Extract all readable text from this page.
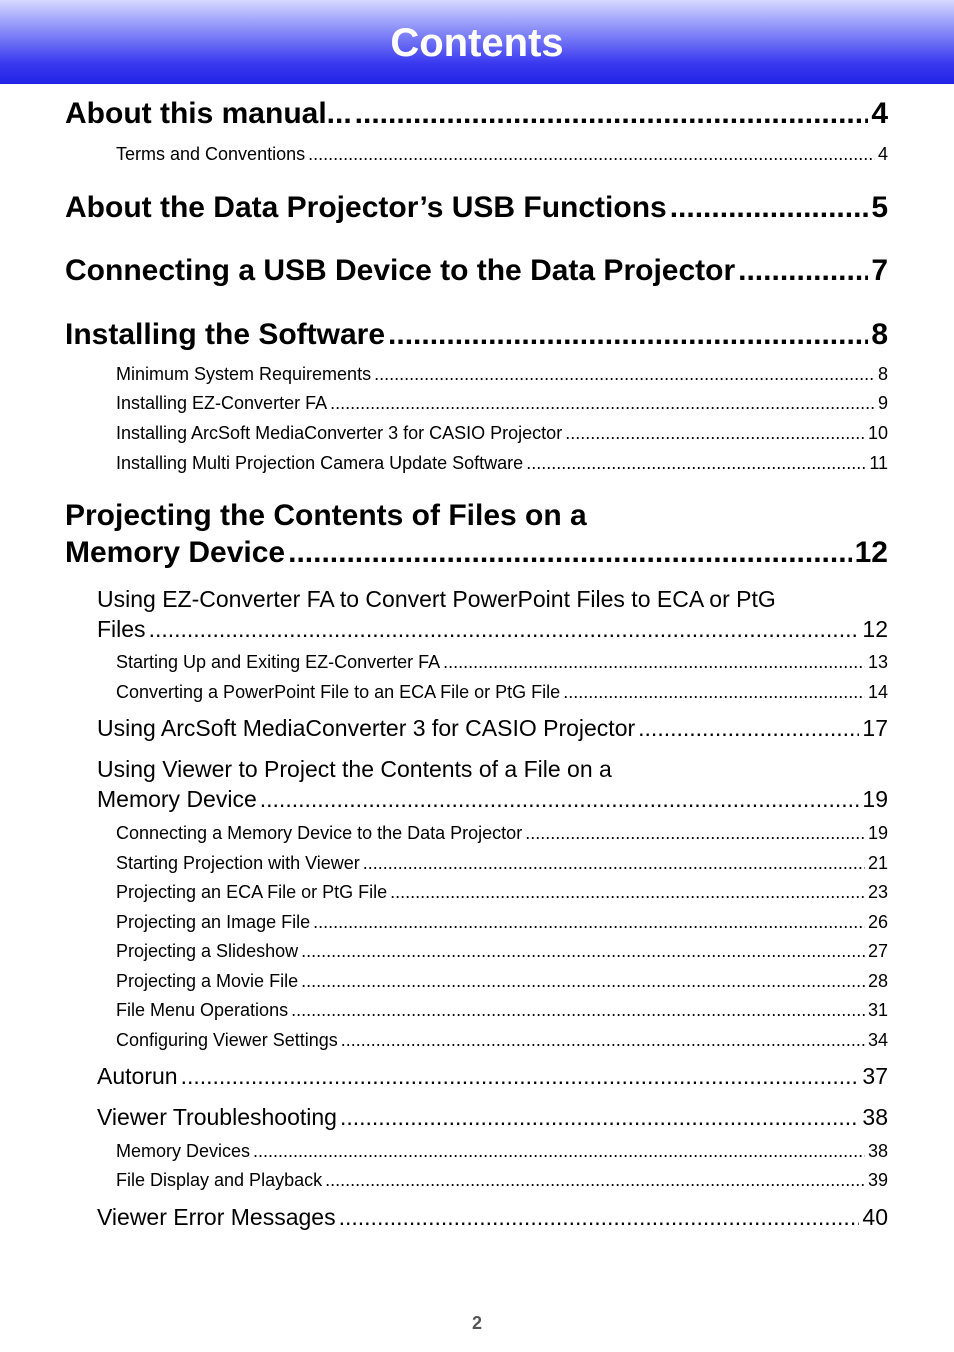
Contents
About this manual... .....	4
Terms and Conventions .....	4
About the Data Projector’s USB Functions .....	5
Connecting a USB Device to the Data Projector .....	7
Installing the Software .....	8
Minimum System Requirements .....	8
Installing EZ-Converter FA .....	9
Installing ArcSoft MediaConverter 3 for CASIO Projector .....	10
Installing Multi Projection Camera Update Software .....	11
Projecting the Contents of Files on a
Memory Device .....	12
Using EZ-Converter FA to Convert PowerPoint Files to ECA or PtG
Files .....	12
Starting Up and Exiting EZ-Converter FA .....	13
Converting a PowerPoint File to an ECA File or PtG File .....	14
Using ArcSoft MediaConverter 3 for CASIO Projector .....	17
Using Viewer to Project the Contents of a File on a
Memory Device .....	19
Connecting a Memory Device to the Data Projector .....	19
Starting Projection with Viewer .....	21
Projecting an ECA File or PtG File .....	23
Projecting an Image File .....	26
Projecting a Slideshow .....	27
Projecting a Movie File .....	28
File Menu Operations .....	31
Configuring Viewer Settings .....	34
Autorun .....	37
Viewer Troubleshooting .....	38
Memory Devices .....	38
File Display and Playback .....	39
Viewer Error Messages .....	40
2
